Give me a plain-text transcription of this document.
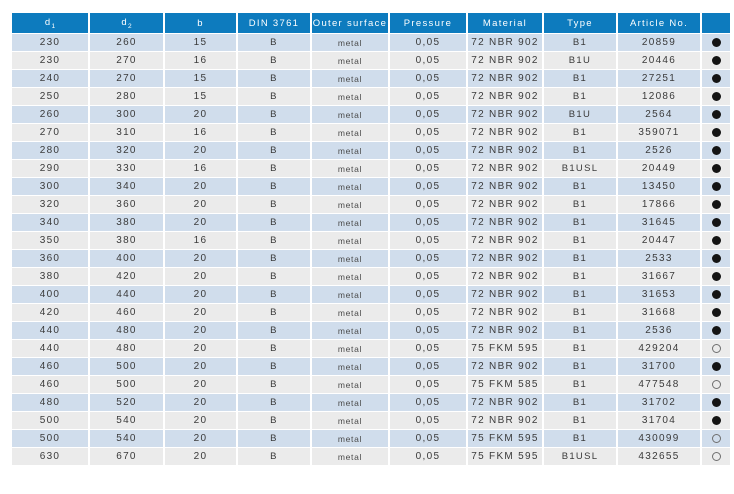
$d_1$	$d_2$	b	DIN 3761	Outer surface	Pressure	Material	Type	Article No.	
230	260	15	B	metal	0,05	72 NBR 902	B1	20859	
230	270	16	B	metal	0,05	72 NBR 902	B1U	20446	
240	270	15	B	metal	0,05	72 NBR 902	B1	27251	
250	280	15	B	metal	0,05	72 NBR 902	B1	12086	
260	300	20	B	metal	0,05	72 NBR 902	B1U	2564	
270	310	16	B	metal	0,05	72 NBR 902	B1	359071	
280	320	20	B	metal	0,05	72 NBR 902	B1	2526	
290	330	16	B	metal	0,05	72 NBR 902	B1USL	20449	
300	340	20	B	metal	0,05	72 NBR 902	B1	13450	
320	360	20	B	metal	0,05	72 NBR 902	B1	17866	
340	380	20	B	metal	0,05	72 NBR 902	B1	31645	
350	380	16	B	metal	0,05	72 NBR 902	B1	20447	
360	400	20	B	metal	0,05	72 NBR 902	B1	2533	
380	420	20	B	metal	0,05	72 NBR 902	B1	31667	
400	440	20	B	metal	0,05	72 NBR 902	B1	31653	
420	460	20	B	metal	0,05	72 NBR 902	B1	31668	
440	480	20	B	metal	0,05	72 NBR 902	B1	2536	
440	480	20	B	metal	0,05	75 FKM 595	B1	429204	
460	500	20	B	metal	0,05	72 NBR 902	B1	31700	
460	500	20	B	metal	0,05	75 FKM 585	B1	477548	
480	520	20	B	metal	0,05	72 NBR 902	B1	31702	
500	540	20	B	metal	0,05	72 NBR 902	B1	31704	
500	540	20	B	metal	0,05	75 FKM 595	B1	430099	
630	670	20	B	metal	0,05	75 FKM 595	B1USL	432655	
